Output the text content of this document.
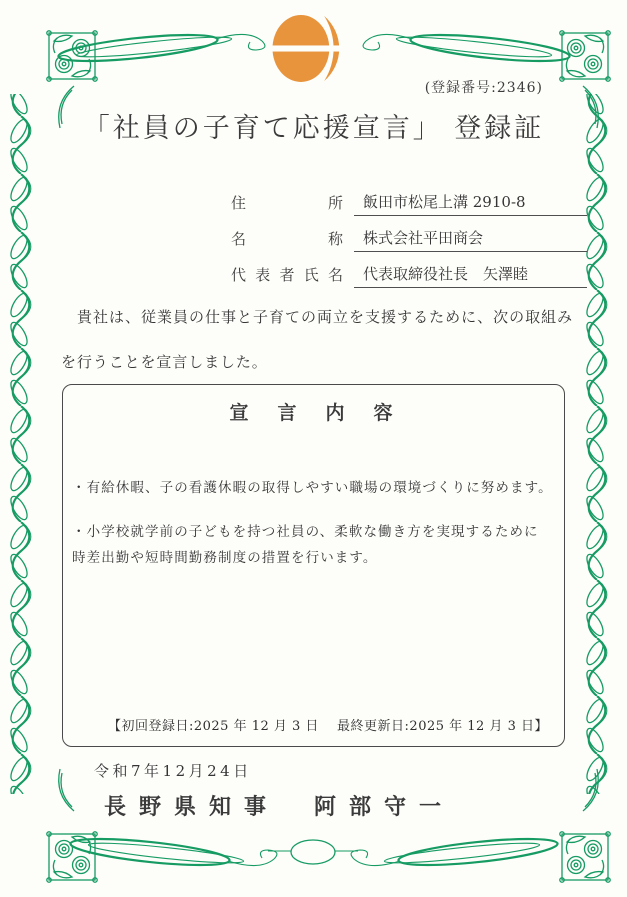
(登録番号:2346)
「社員の子育て応援宣言」 登録証
住	所	飯田市松尾上溝 2910-8
名	称	株式会社平田商会
代 表 者 氏 名	代表取締役社長　矢澤睦
　貴社は、従業員の仕事と子育ての両立を支援するために、次の取組みを行うことを宣言しました。
宣　言　内　容

・有給休暇、子の看護休暇の取得しやすい職場の環境づくりに努めます。

・小学校就学前の子どもを持つ社員の、柔軟な働き方を実現するために

時差出勤や短時間勤務制度の措置を行います。

【初回登録日:2025 年 12 月 3 日　 最終更新日:2025 年 12 月 3 日】
令和7年12月24日
長野県知事　阿部守一
